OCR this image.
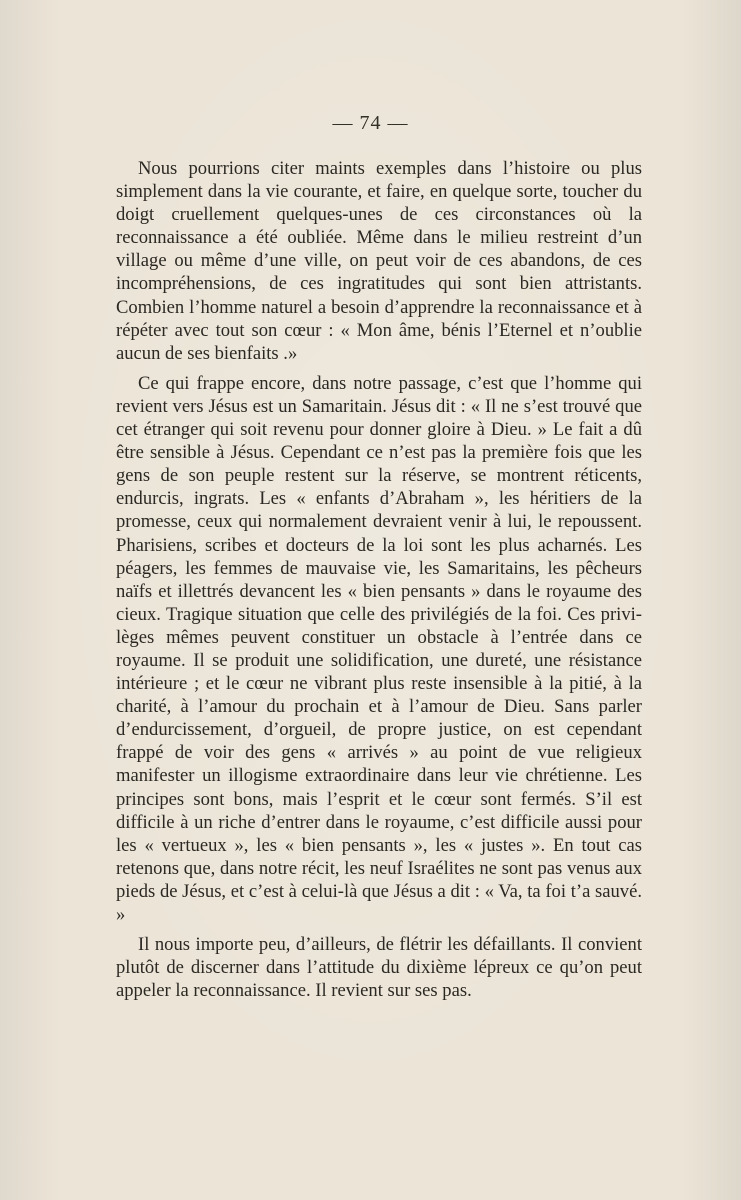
— 74 —

Nous pourrions citer maints exemples dans l’histoire ou plus simplement dans la vie courante, et faire, en quelque sorte, toucher du doigt cruellement quelques-unes de ces circonstances où la reconnaissance a été oubliée. Même dans le milieu restreint d’un village ou même d’une ville, on peut voir de ces abandons, de ces incompréhensions, de ces ingratitudes qui sont bien attristants. Combien l’homme naturel a besoin d’apprendre la reconnaissance et à répéter avec tout son cœur : « Mon âme, bénis l’Eternel et n’oublie aucun de ses bienfaits .»

Ce qui frappe encore, dans notre passage, c’est que l’homme qui revient vers Jésus est un Samaritain. Jésus dit : « Il ne s’est trouvé que cet étranger qui soit revenu pour donner gloire à Dieu. » Le fait a dû être sensible à Jésus. Cependant ce n’est pas la première fois que les gens de son peuple restent sur la réserve, se montrent réticents, endurcis, ingrats. Les « enfants d’Abraham », les héritiers de la promesse, ceux qui normalement devraient venir à lui, le repoussent. Pharisiens, scribes et docteurs de la loi sont les plus acharnés. Les péagers, les femmes de mauvaise vie, les Samaritains, les pêcheurs naïfs et illettrés devancent les « bien pensants » dans le royaume des cieux. Tragique situation que celle des privilégiés de la foi. Ces privilèges mêmes peuvent constituer un obstacle à l’entrée dans ce royaume. Il se produit une solidification, une dureté, une résistance intérieure ; et le cœur ne vibrant plus reste insensible à la pitié, à la charité, à l’amour du prochain et à l’amour de Dieu. Sans parler d’endurcissement, d’orgueil, de propre justice, on est cependant frappé de voir des gens « arrivés » au point de vue religieux manifester un illogisme extraordinaire dans leur vie chrétienne. Les principes sont bons, mais l’esprit et le cœur sont fermés. S’il est difficile à un riche d’entrer dans le royaume, c’est difficile aussi pour les « vertueux », les « bien pensants », les « justes ». En tout cas retenons que, dans notre récit, les neuf Israélites ne sont pas venus aux pieds de Jésus, et c’est à celui-là que Jésus a dit : « Va, ta foi t’a sauvé. »

Il nous importe peu, d’ailleurs, de flétrir les défaillants. Il convient plutôt de discerner dans l’attitude du dixième lépreux ce qu’on peut appeler la reconnaissance. Il revient sur ses pas.
